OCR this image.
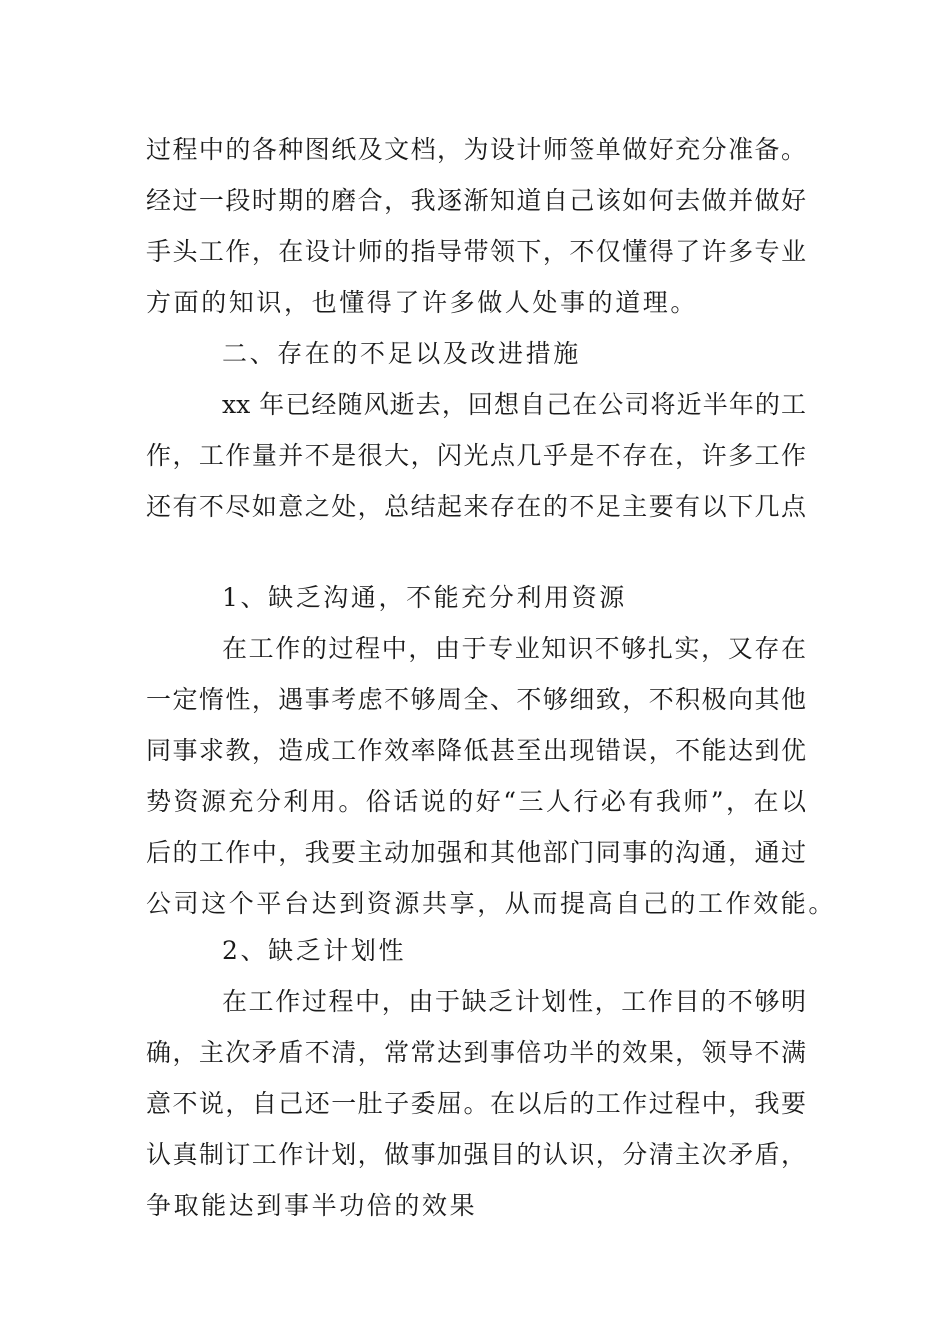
过程中的各种图纸及文档，为设计师签单做好充分准备。
经过一段时期的磨合，我逐渐知道自己该如何去做并做好
手头工作，在设计师的指导带领下，不仅懂得了许多专业
方面的知识，也懂得了许多做人处事的道理。
二、存在的不足以及改进措施
xx 年已经随风逝去，回想自己在公司将近半年的工
作，工作量并不是很大，闪光点几乎是不存在，许多工作
还有不尽如意之处，总结起来存在的不足主要有以下几点
1、缺乏沟通，不能充分利用资源
在工作的过程中，由于专业知识不够扎实，又存在
一定惰性，遇事考虑不够周全、不够细致，不积极向其他
同事求教，造成工作效率降低甚至出现错误，不能达到优
势资源充分利用。俗话说的好“三人行必有我师”，在以
后的工作中，我要主动加强和其他部门同事的沟通，通过
公司这个平台达到资源共享，从而提高自己的工作效能。
2、缺乏计划性
在工作过程中，由于缺乏计划性，工作目的不够明
确，主次矛盾不清，常常达到事倍功半的效果，领导不满
意不说，自己还一肚子委屈。在以后的工作过程中，我要
认真制订工作计划，做事加强目的认识，分清主次矛盾，
争取能达到事半功倍的效果
